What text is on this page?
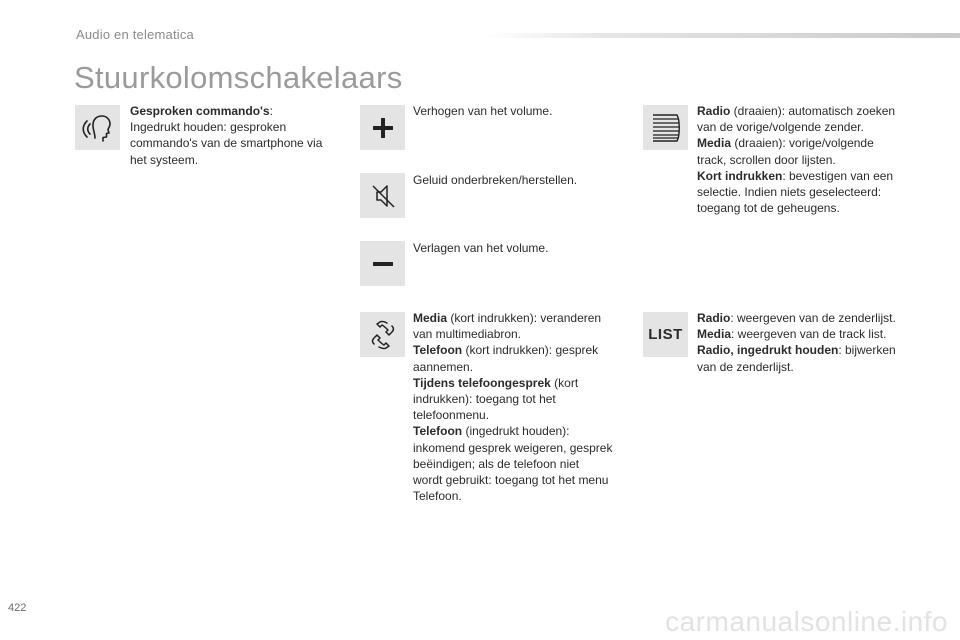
Audio en telematica
Stuurkolomschakelaars
Gesproken commando's:
Ingedrukt houden: gesproken
commando's van de smartphone via
het systeem.
Verhogen van het volume.
Geluid onderbreken/herstellen.
Verlagen van het volume.
Media (kort indrukken): veranderen
van multimediabron.
Telefoon (kort indrukken): gesprek
aannemen.
Tijdens telefoongesprek (kort
indrukken): toegang tot het
telefoonmenu.
Telefoon (ingedrukt houden):
inkomend gesprek weigeren, gesprek
beëindigen; als de telefoon niet
wordt gebruikt: toegang tot het menu
Telefoon.
Radio (draaien): automatisch zoeken
van de vorige/volgende zender.
Media (draaien): vorige/volgende
track, scrollen door lijsten.
Kort indrukken: bevestigen van een
selectie. Indien niets geselecteerd:
toegang tot de geheugens.
LIST
Radio: weergeven van de zenderlijst.
Media: weergeven van de track list.
Radio, ingedrukt houden: bijwerken
van de zenderlijst.
422	carmanualsonline.info
